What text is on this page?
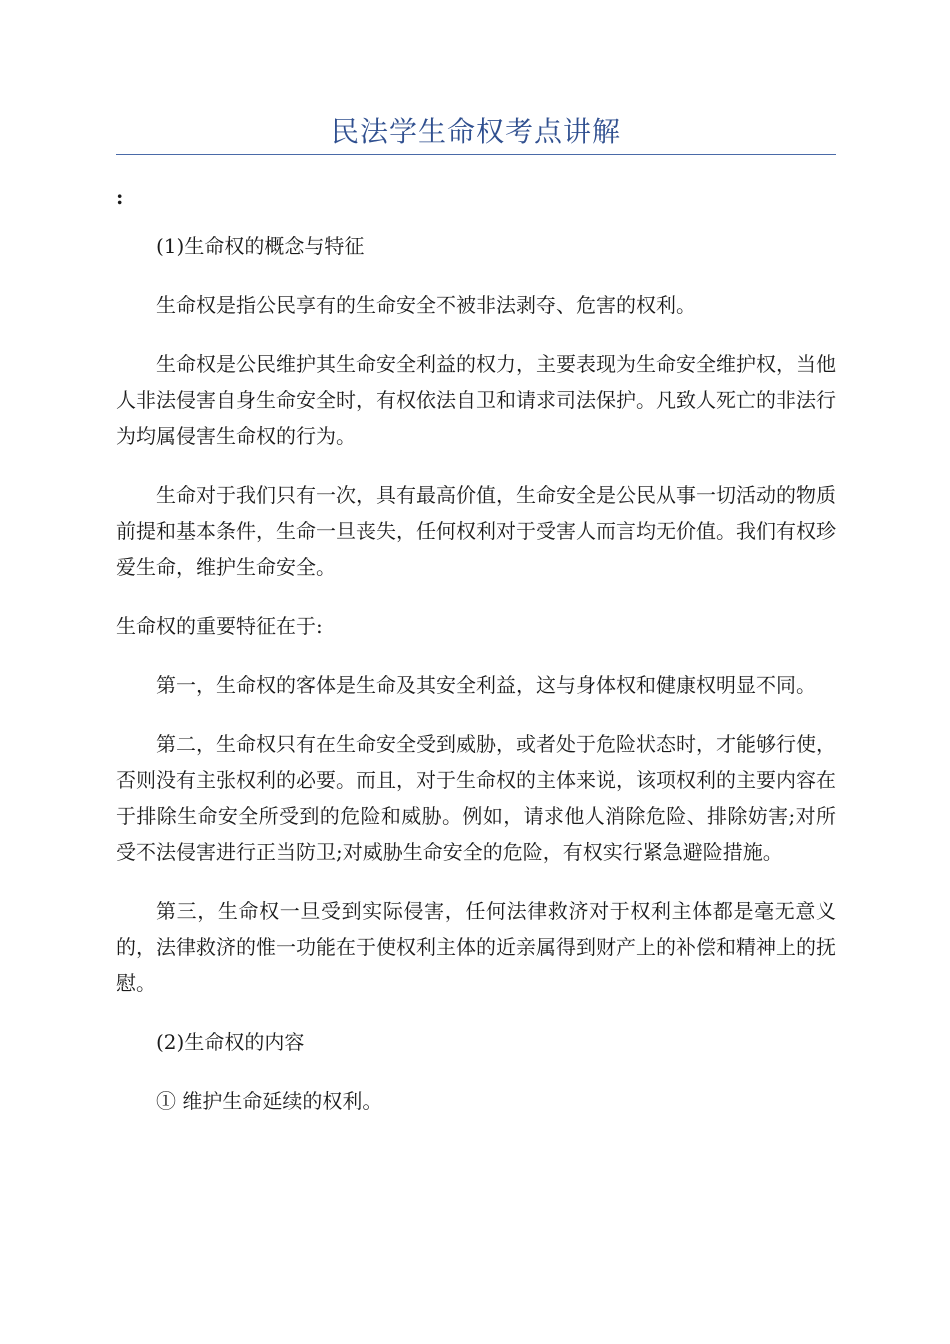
民法学生命权考点讲解
:

(1)生命权的概念与特征

生命权是指公民享有的生命安全不被非法剥夺、危害的权利。

生命权是公民维护其生命安全利益的权力，主要表现为生命安全维护权，当他人非法侵害自身生命安全时，有权依法自卫和请求司法保护。凡致人死亡的非法行为均属侵害生命权的行为。

生命对于我们只有一次，具有最高价值，生命安全是公民从事一切活动的物质前提和基本条件，生命一旦丧失，任何权利对于受害人而言均无价值。我们有权珍爱生命，维护生命安全。

生命权的重要特征在于:

第一，生命权的客体是生命及其安全利益，这与身体权和健康权明显不同。

第二，生命权只有在生命安全受到威胁，或者处于危险状态时，才能够行使，否则没有主张权利的必要。而且，对于生命权的主体来说，该项权利的主要内容在于排除生命安全所受到的危险和威胁。例如，请求他人消除危险、排除妨害;对所受不法侵害进行正当防卫;对威胁生命安全的危险，有权实行紧急避险措施。

第三，生命权一旦受到实际侵害，任何法律救济对于权利主体都是毫无意义的，法律救济的惟一功能在于使权利主体的近亲属得到财产上的补偿和精神上的抚慰。

(2)生命权的内容

① 维护生命延续的权利。
